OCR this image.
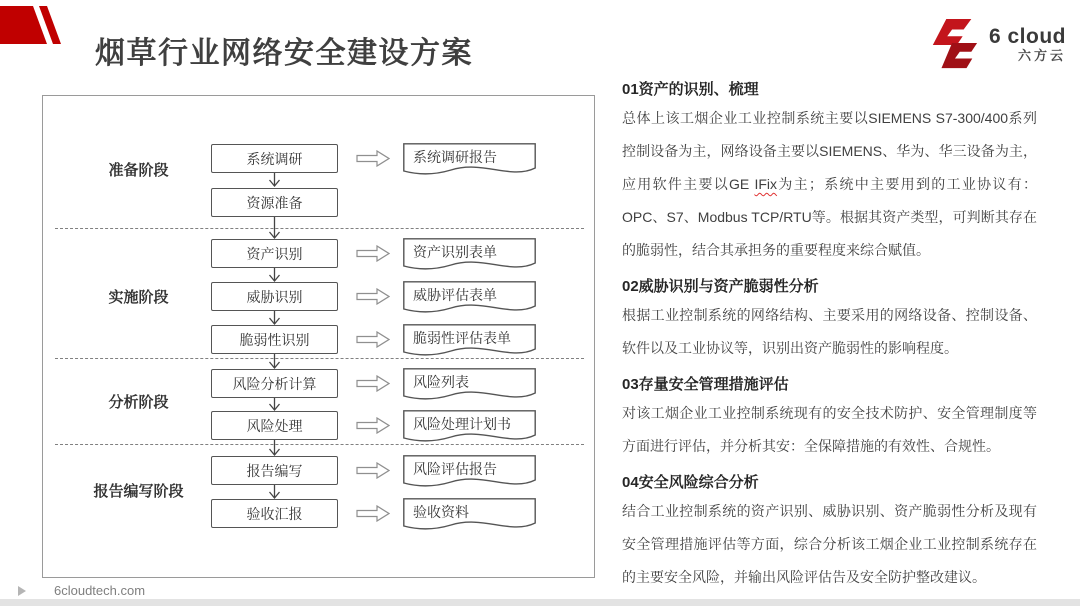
烟草行业网络安全建设方案
6 cloud
六方云
准备阶段
实施阶段
分析阶段
报告编写阶段
系统调研
资源准备
资产识别
威胁识别
脆弱性识别
风险分析计算
风险处理
报告编写
验收汇报
系统调研报告
资产识别表单
威胁评估表单
脆弱性评估表单
风险列表
风险处理计划书
风险评估报告
验收资料
01资产的识别、梳理
总体上该工烟企业工业控制系统主要以SIEMENS S7-300/400系列控制设备为主，网络设备主要以SIEMENS、华为、华三设备为主，应用软件主要以GE IFix为主；系统中主要用到的工业协议有：OPC、S7、Modbus TCP/RTU等。根据其资产类型，可判断其存在的脆弱性，结合其承担务的重要程度来综合赋值。
02威胁识别与资产脆弱性分析
根据工业控制系统的网络结构、主要采用的网络设备、控制设备、软件以及工业协议等，识别出资产脆弱性的影响程度。
03存量安全管理措施评估
对该工烟企业工业控制系统现有的安全技术防护、安全管理制度等方面进行评估，并分析其安：全保障措施的有效性、合规性。
04安全风险综合分析
结合工业控制系统的资产识别、威胁识别、资产脆弱性分析及现有安全管理措施评估等方面，综合分析该工烟企业工业控制系统存在的主要安全风险，并输出风险评估告及安全防护整改建议。
6cloudtech.com
